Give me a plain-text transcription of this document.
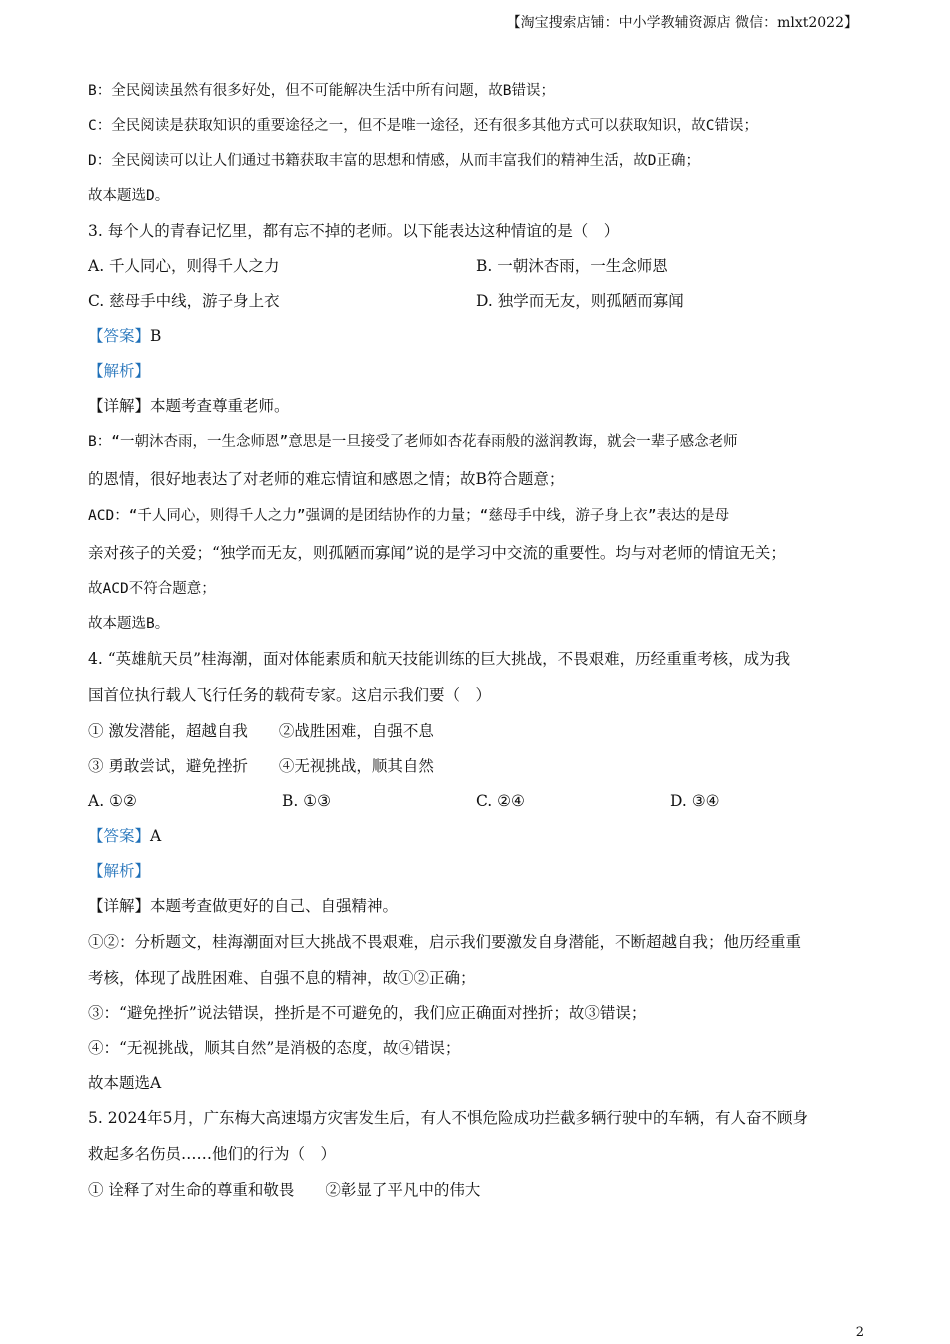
【淘宝搜索店铺：中小学教辅资源店 微信：mlxt2022】
B：全民阅读虽然有很多好处，但不可能解决生活中所有问题，故B错误；
C：全民阅读是获取知识的重要途径之一，但不是唯一途径，还有很多其他方式可以获取知识，故C错误；
D：全民阅读可以让人们通过书籍获取丰富的思想和情感，从而丰富我们的精神生活，故D正确；
故本题选D。
3. 每个人的青春记忆里，都有忘不掉的老师。以下能表达这种情谊的是（　）
A. 千人同心，则得千人之力	B. 一朝沐杏雨，一生念师恩
C. 慈母手中线，游子身上衣	D. 独学而无友，则孤陋而寡闻
【答案】B
【解析】
【详解】本题考查尊重老师。
B：“一朝沐杏雨，一生念师恩”意思是一旦接受了老师如杏花春雨般的滋润教诲，就会一辈子感念老师
的恩情，很好地表达了对老师的难忘情谊和感恩之情；故B符合题意；
ACD：“千人同心，则得千人之力”强调的是团结协作的力量；“慈母手中线，游子身上衣”表达的是母
亲对孩子的关爱；“独学而无友，则孤陋而寡闻”说的是学习中交流的重要性。均与对老师的情谊无关；
故ACD不符合题意；
故本题选B。
4. “英雄航天员”桂海潮，面对体能素质和航天技能训练的巨大挑战，不畏艰难，历经重重考核，成为我
国首位执行载人飞行任务的载荷专家。这启示我们要（　）
① 激发潜能，超越自我　　②战胜困难，自强不息
③ 勇敢尝试，避免挫折　　④无视挑战，顺其自然
A. ①②	B. ①③	C. ②④	D. ③④
【答案】A
【解析】
【详解】本题考查做更好的自己、自强精神。
①②：分析题文，桂海潮面对巨大挑战不畏艰难，启示我们要激发自身潜能，不断超越自我；他历经重重
考核，体现了战胜困难、自强不息的精神，故①②正确；
③：“避免挫折”说法错误，挫折是不可避免的，我们应正确面对挫折；故③错误；
④：“无视挑战，顺其自然”是消极的态度，故④错误；
故本题选A
5. 2024年5月，广东梅大高速塌方灾害发生后，有人不惧危险成功拦截多辆行驶中的车辆，有人奋不顾身
救起多名伤员……他们的行为（　）
① 诠释了对生命的尊重和敬畏　　②彰显了平凡中的伟大
2
